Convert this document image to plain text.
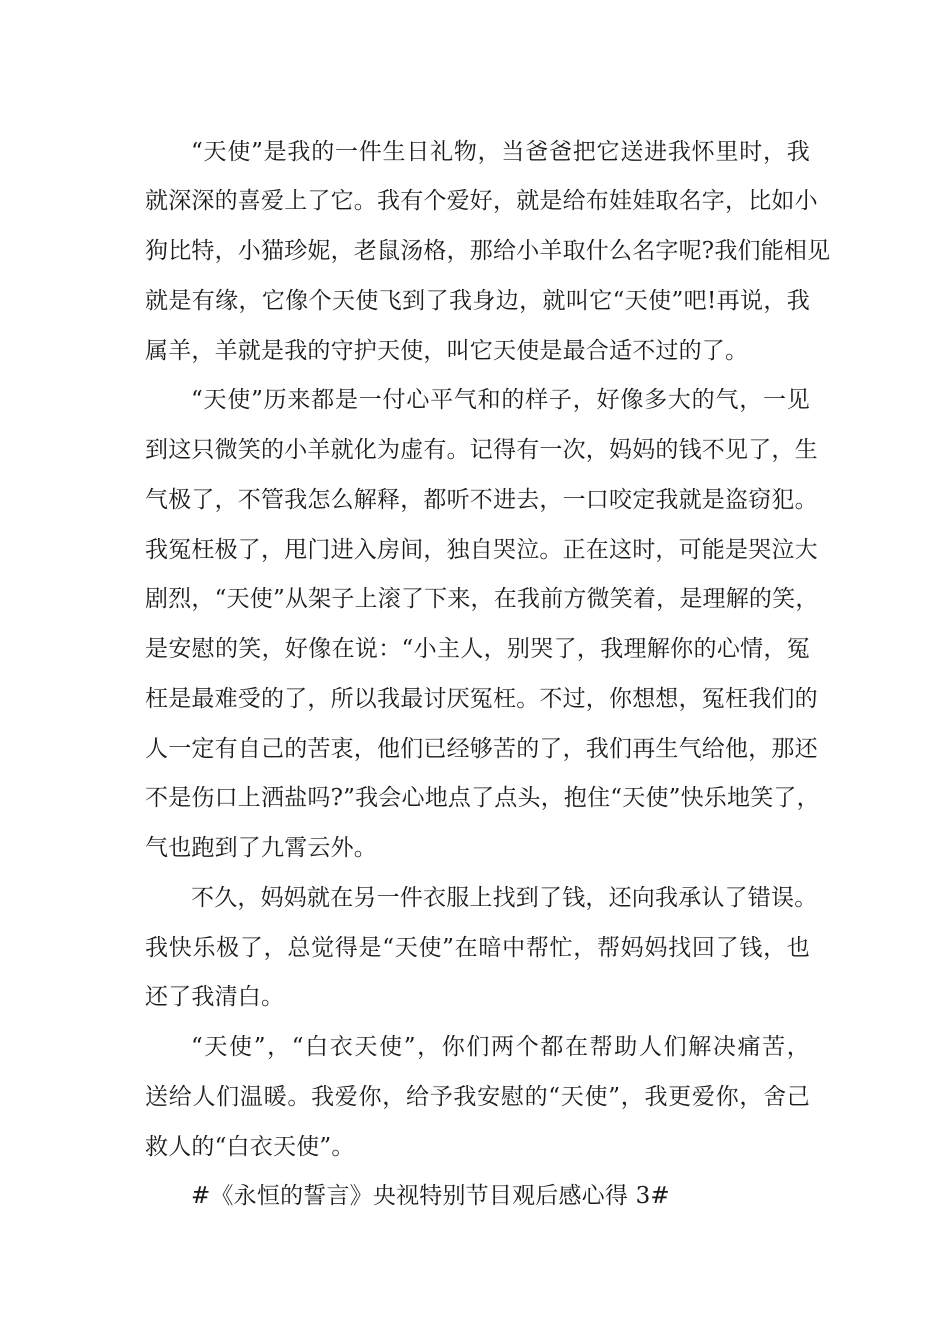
“天使”是我的一件生日礼物，当爸爸把它送进我怀里时，我
就深深的喜爱上了它。我有个爱好，就是给布娃娃取名字，比如小
狗比特，小猫珍妮，老鼠汤格，那给小羊取什么名字呢?我们能相见
就是有缘，它像个天使飞到了我身边，就叫它“天使”吧!再说，我
属羊，羊就是我的守护天使，叫它天使是最合适不过的了。
“天使”历来都是一付心平气和的样子，好像多大的气，一见
到这只微笑的小羊就化为虚有。记得有一次，妈妈的钱不见了，生
气极了，不管我怎么解释，都听不进去，一口咬定我就是盗窃犯。
我冤枉极了，甩门进入房间，独自哭泣。正在这时，可能是哭泣大
剧烈，“天使”从架子上滚了下来，在我前方微笑着，是理解的笑，
是安慰的笑，好像在说：“小主人，别哭了，我理解你的心情，冤
枉是最难受的了，所以我最讨厌冤枉。不过，你想想，冤枉我们的
人一定有自己的苦衷，他们已经够苦的了，我们再生气给他，那还
不是伤口上洒盐吗?”我会心地点了点头，抱住“天使”快乐地笑了，
气也跑到了九霄云外。
不久，妈妈就在另一件衣服上找到了钱，还向我承认了错误。
我快乐极了，总觉得是“天使”在暗中帮忙，帮妈妈找回了钱，也
还了我清白。
“天使”，“白衣天使”，你们两个都在帮助人们解决痛苦，
送给人们温暖。我爱你，给予我安慰的“天使”，我更爱你，舍己
救人的“白衣天使”。
#《永恒的誓言》央视特别节目观后感心得 3#
